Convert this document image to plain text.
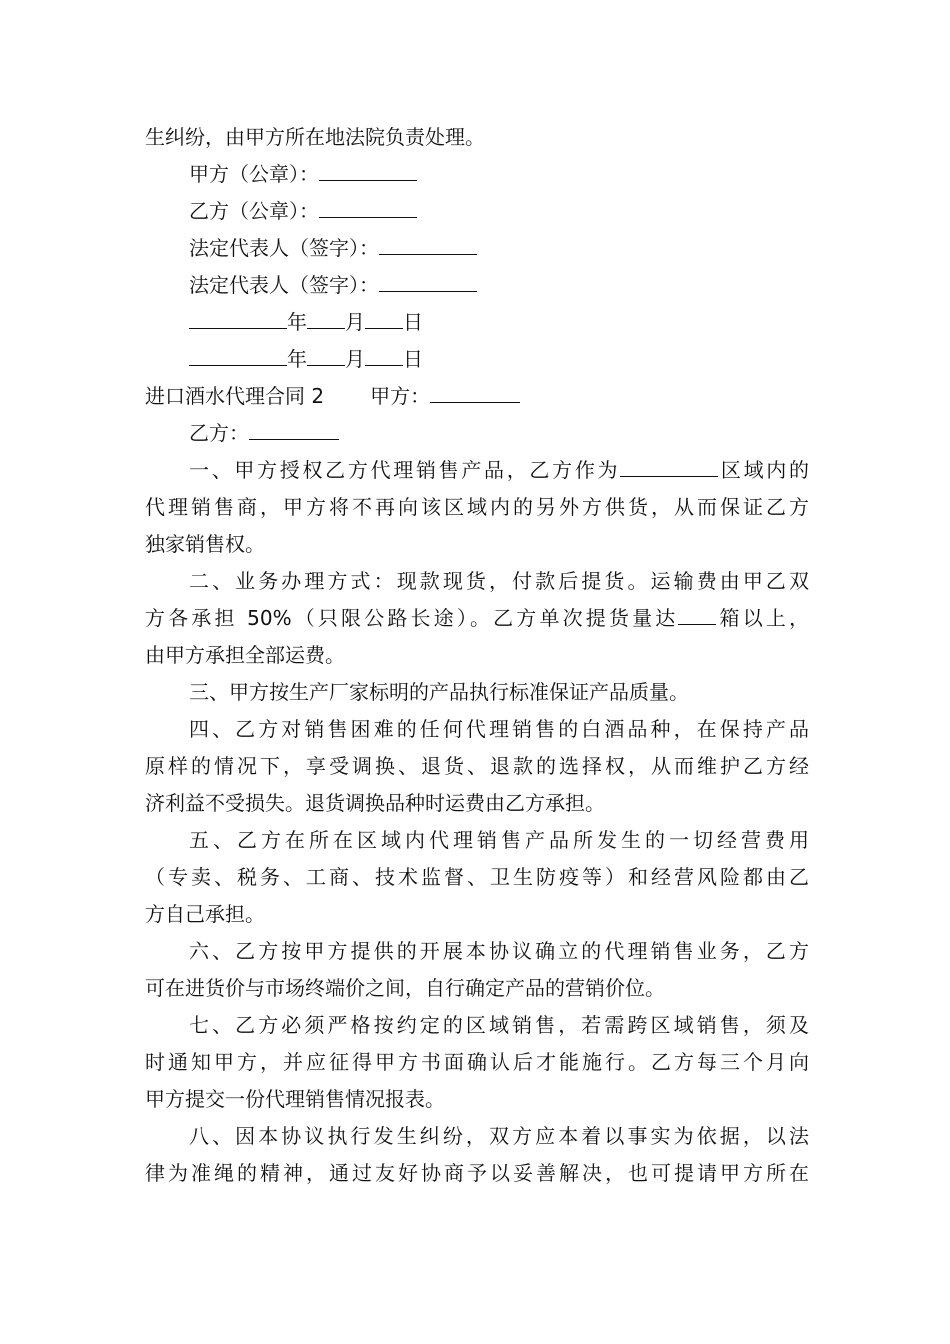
生纠纷，由甲方所在地法院负责处理。
甲方（公章）：
乙方（公章）：
法定代表人（签字）：
法定代表人（签字）：
年 月 日
年 月 日
进口酒水代理合同 2 甲方：
乙方：
一、甲方授权乙方代理销售产品，乙方作为	区域内的
代理销售商，甲方将不再向该区域内的另外方供货，从而保证乙方
独家销售权。
二、业务办理方式：现款现货，付款后提货。运输费由甲乙双
方各承担 50%（只限公路长途）。乙方单次提货量达 箱以上，
由甲方承担全部运费。
三、甲方按生产厂家标明的产品执行标准保证产品质量。
四、乙方对销售困难的任何代理销售的白酒品种，在保持产品
原样的情况下，享受调换、退货、退款的选择权，从而维护乙方经
济利益不受损失。退货调换品种时运费由乙方承担。
五、乙方在所在区域内代理销售产品所发生的一切经营费用
（专卖、税务、工商、技术监督、卫生防疫等）和经营风险都由乙
方自己承担。
六、乙方按甲方提供的开展本协议确立的代理销售业务，乙方
可在进货价与市场终端价之间，自行确定产品的营销价位。
七、乙方必须严格按约定的区域销售，若需跨区域销售，须及
时通知甲方，并应征得甲方书面确认后才能施行。乙方每三个月向
甲方提交一份代理销售情况报表。
八、因本协议执行发生纠纷，双方应本着以事实为依据，以法
律为准绳的精神，通过友好协商予以妥善解决，也可提请甲方所在
